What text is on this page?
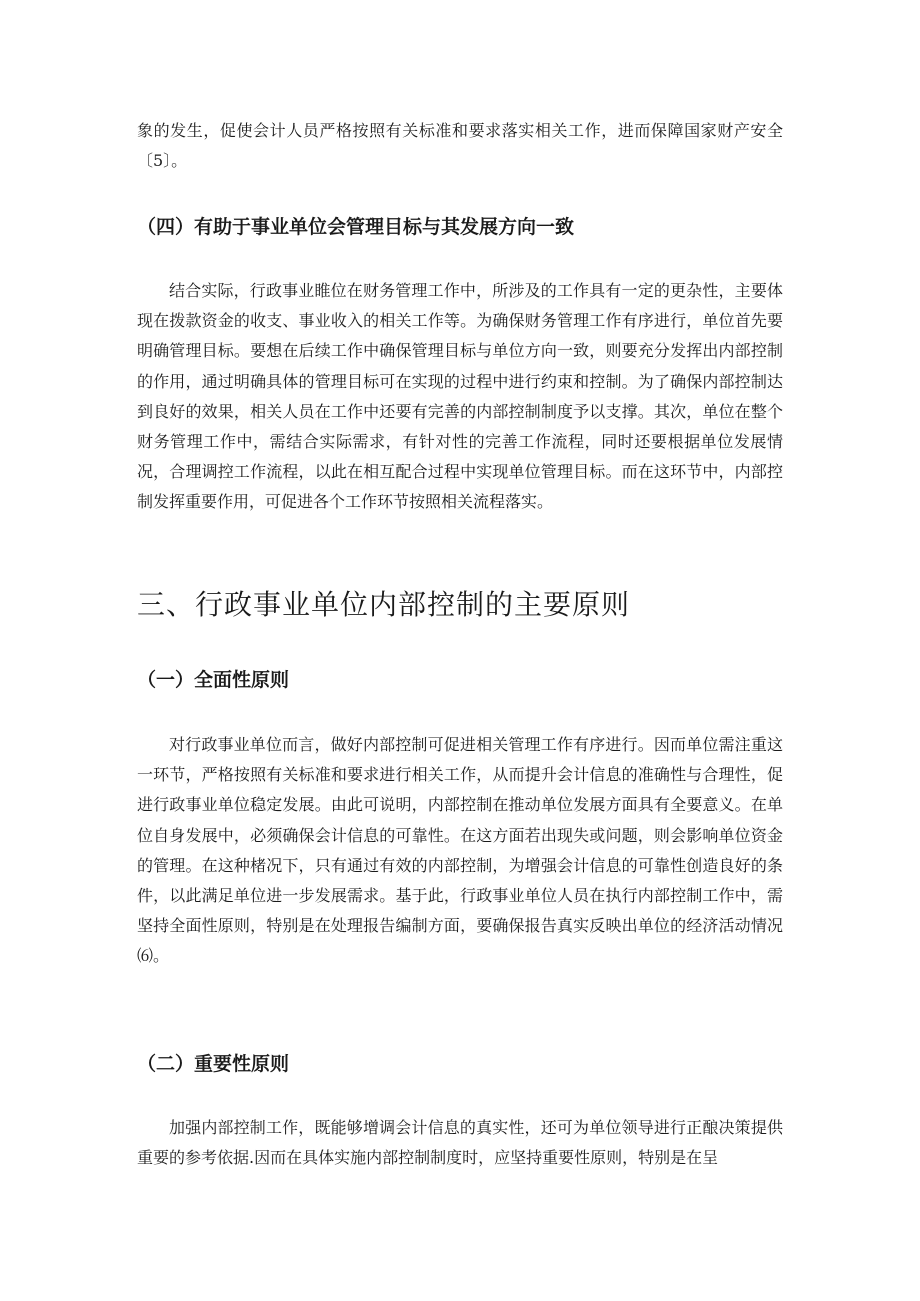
象的发生，促使会计人员严格按照有关标准和要求落实相关工作，进而保障国家财产安全〔5〕。

（四）有助于事业单位会管理目标与其发展方向一致

结合实际，行政事业睢位在财务管理工作中，所涉及的工作具有一定的更杂性，主要体现在拨款资金的收支、事业收入的相关工作等。为确保财务管理工作有序进行，单位首先要明确管理目标。要想在后续工作中确保管理目标与单位方向一致，则要充分发挥出内部控制的作用，通过明确具体的管理目标可在实现的过程中进行约束和控制。为了确保内部控制达到良好的效果，相关人员在工作中还要有完善的内部控制制度予以支撑。其次，单位在整个财务管理工作中，需结合实际需求，有针对性的完善工作流程，同时还要根据单位发展情况，合理调控工作流程，以此在相互配合过程中实现单位管理目标。而在这环节中，内部控制发挥重要作用，可促进各个工作环节按照相关流程落实。

三、行政事业单位内部控制的主要原则
（一）全面性原则

对行政事业单位而言，做好内部控制可促进相关管理工作有序进行。因而单位需注重这一环节，严格按照有关标准和要求进行相关工作，从而提升会计信息的准确性与合理性，促进行政事业单位稳定发展。由此可说明，内部控制在推动单位发展方面具有全要意义。在单位自身发展中，必须确保会计信息的可靠性。在这方面若出现失或问题，则会影响单位资金的管理。在这种楮况下，只有通过有效的内部控制，为增强会计信息的可靠性创造良好的条件，以此满足单位进一步发展需求。基于此，行政事业单位人员在执行内部控制工作中，需坚持全面性原则，特别是在处理报告编制方面，要确保报告真实反映出单位的经济活动情况⑹。

（二）重要性原则

加强内部控制工作，既能够增调会计信息的真实性，还可为单位领导进行正酿决策提供重要的参考依据.因而在具体实施内部控制制度时，应坚持重要性原则，特别是在呈
